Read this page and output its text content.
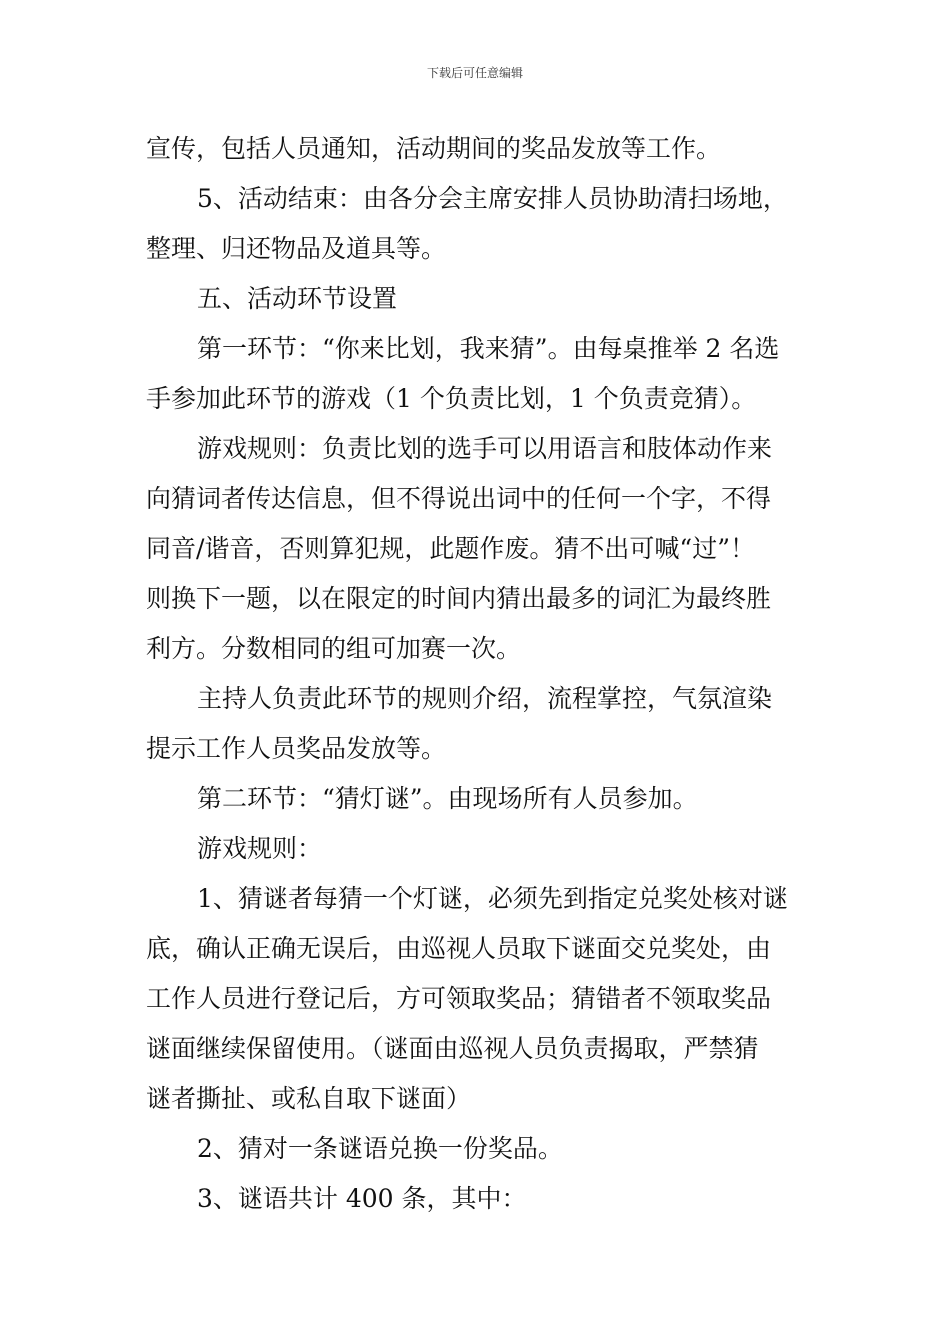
下载后可任意编辑
宣传，包括人员通知，活动期间的奖品发放等工作。
5、活动结束：由各分会主席安排人员协助清扫场地，
整理、归还物品及道具等。
五、活动环节设置
第一环节：“你来比划，我来猜”。由每桌推举 2 名选
手参加此环节的游戏（1 个负责比划，1 个负责竞猜）。
游戏规则：负责比划的选手可以用语言和肢体动作来
向猜词者传达信息，但不得说出词中的任何一个字，不得
同音/谐音，否则算犯规，此题作废。猜不出可喊“过”！
则换下一题，以在限定的时间内猜出最多的词汇为最终胜
利方。分数相同的组可加赛一次。
主持人负责此环节的规则介绍，流程掌控，气氛渲染
提示工作人员奖品发放等。
第二环节：“猜灯谜”。由现场所有人员参加。
游戏规则：
1、猜谜者每猜一个灯谜，必须先到指定兑奖处核对谜
底，确认正确无误后，由巡视人员取下谜面交兑奖处，由
工作人员进行登记后，方可领取奖品；猜错者不领取奖品
谜面继续保留使用。（谜面由巡视人员负责揭取，严禁猜
谜者撕扯、或私自取下谜面）
2、猜对一条谜语兑换一份奖品。
3、谜语共计 400 条，其中：
